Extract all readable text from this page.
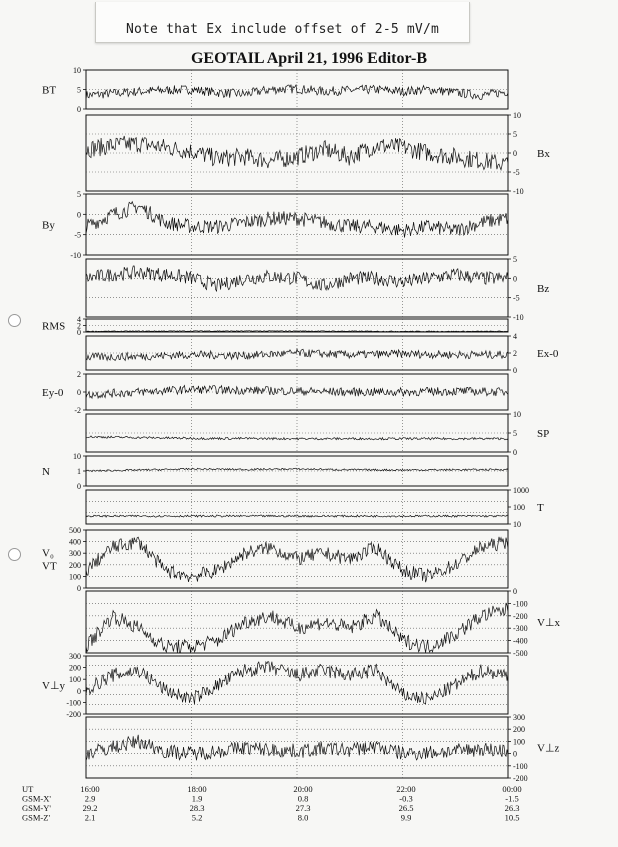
Note that Ex include offset of 2-5 mV/m
GEOTAIL April 21, 1996 Editor-B
10
5
0
BT
10
5
0
-5
-10
Bx
5
0
-5
-10
By
5
0
-5
-10
Bz
4
2
0
RMS
4
2
0
Ex-0
2
0
-2
Ey-0
10
5
0
SP
10
1
0
N
1000
100
10
T
500
400
300
200
100
0
V₀
VT
0
-100
-200
-300
-400
-500
V⊥x
300
200
100
0
-100
-200
V⊥y
300
200
100
0
-100
-200
V⊥z
UT	16:00	18:00	20:00	22:00	00:00
GSM-X'	2.9	1.9	0.8	-0.3	-1.5
GSM-Y'	29.2	28.3	27.3	26.5	26.3
GSM-Z'	2.1	5.2	8.0	9.9	10.5
